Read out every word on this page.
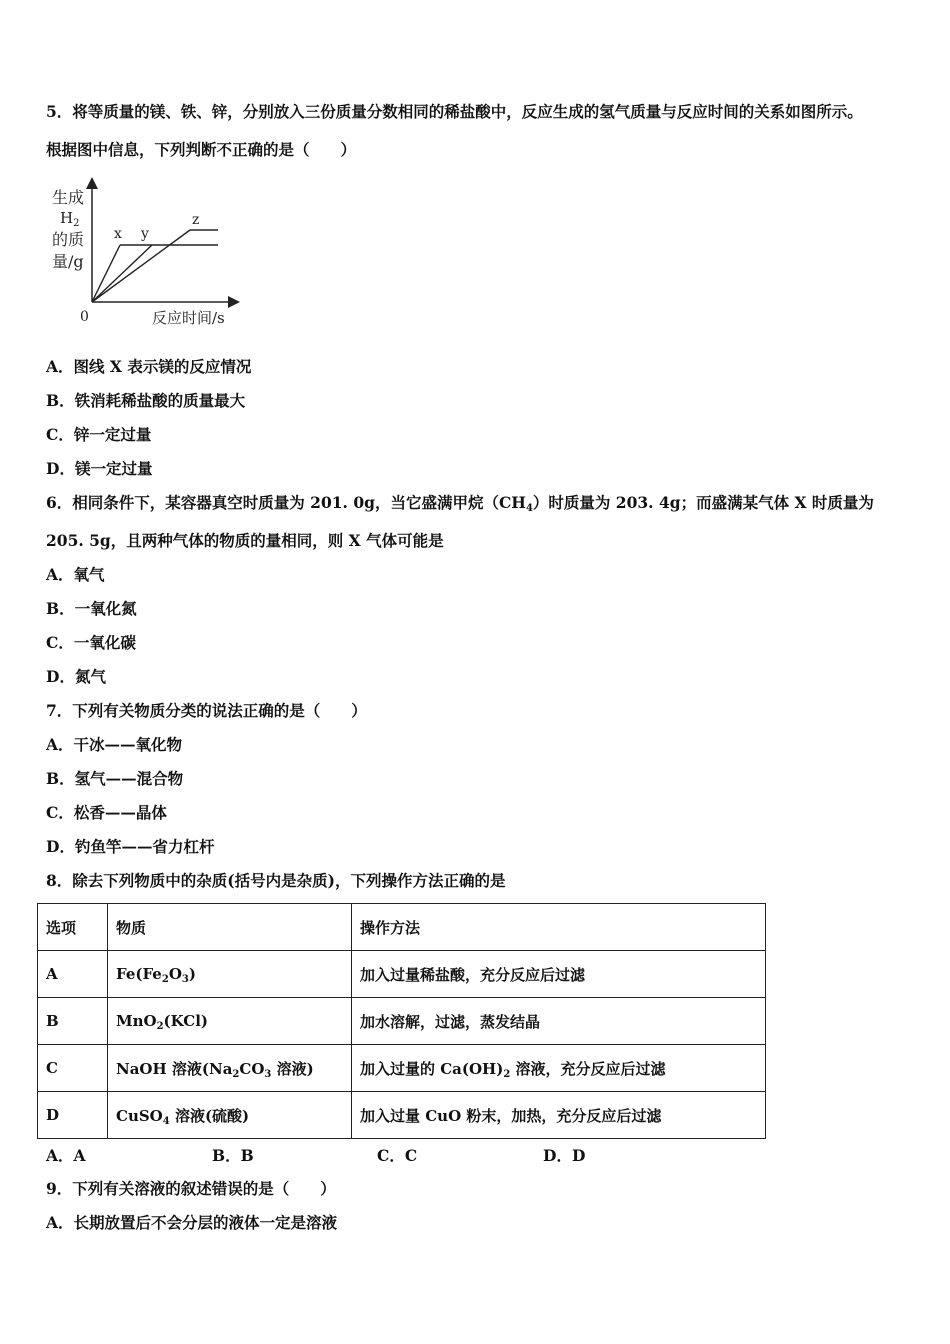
5．将等质量的镁、铁、锌，分别放入三份质量分数相同的稀盐酸中，反应生成的氢气质量与反应时间的关系如图所示。
根据图中信息，下列判断不正确的是（　　）
生成
$H_2$
的质
量/g
0	反应时间/s
x y
z
A．图线 X 表示镁的反应情况
B．铁消耗稀盐酸的质量最大
C．锌一定过量
D．镁一定过量
6．相同条件下，某容器真空时质量为 201. 0g，当它盛满甲烷$(CH_4)$时质量为 203. 4g；而盛满某气体 X 时质量为
205. 5g，且两种气体的物质的量相同，则 X 气体可能是
A．氧气
B．一氧化氮
C．一氧化碳
D．氮气
7．下列有关物质分类的说法正确的是（　　）
A．干冰——氧化物
B．氢气——混合物
C．松香——晶体
D．钓鱼竿——省力杠杆
8．除去下列物质中的杂质(括号内是杂质)，下列操作方法正确的是
选项	物质	操作方法
A	$Fe(Fe_2O_3)$	加入过量稀盐酸，充分反应后过滤
B	MnO$_2$(KCl)	加水溶解，过滤，蒸发结晶
C	NaOH 溶液($Na_2CO_3$ 溶液)	加入过量的 $Ca(OH)_2$ 溶液，充分反应后过滤
D	CuSO$_4$ 溶液(硫酸)	加入过量 CuO 粉末，加热，充分反应后过滤
A．A	B．B	C．C	D．D
9．下列有关溶液的叙述错误的是（　　）
A．长期放置后不会分层的液体一定是溶液
